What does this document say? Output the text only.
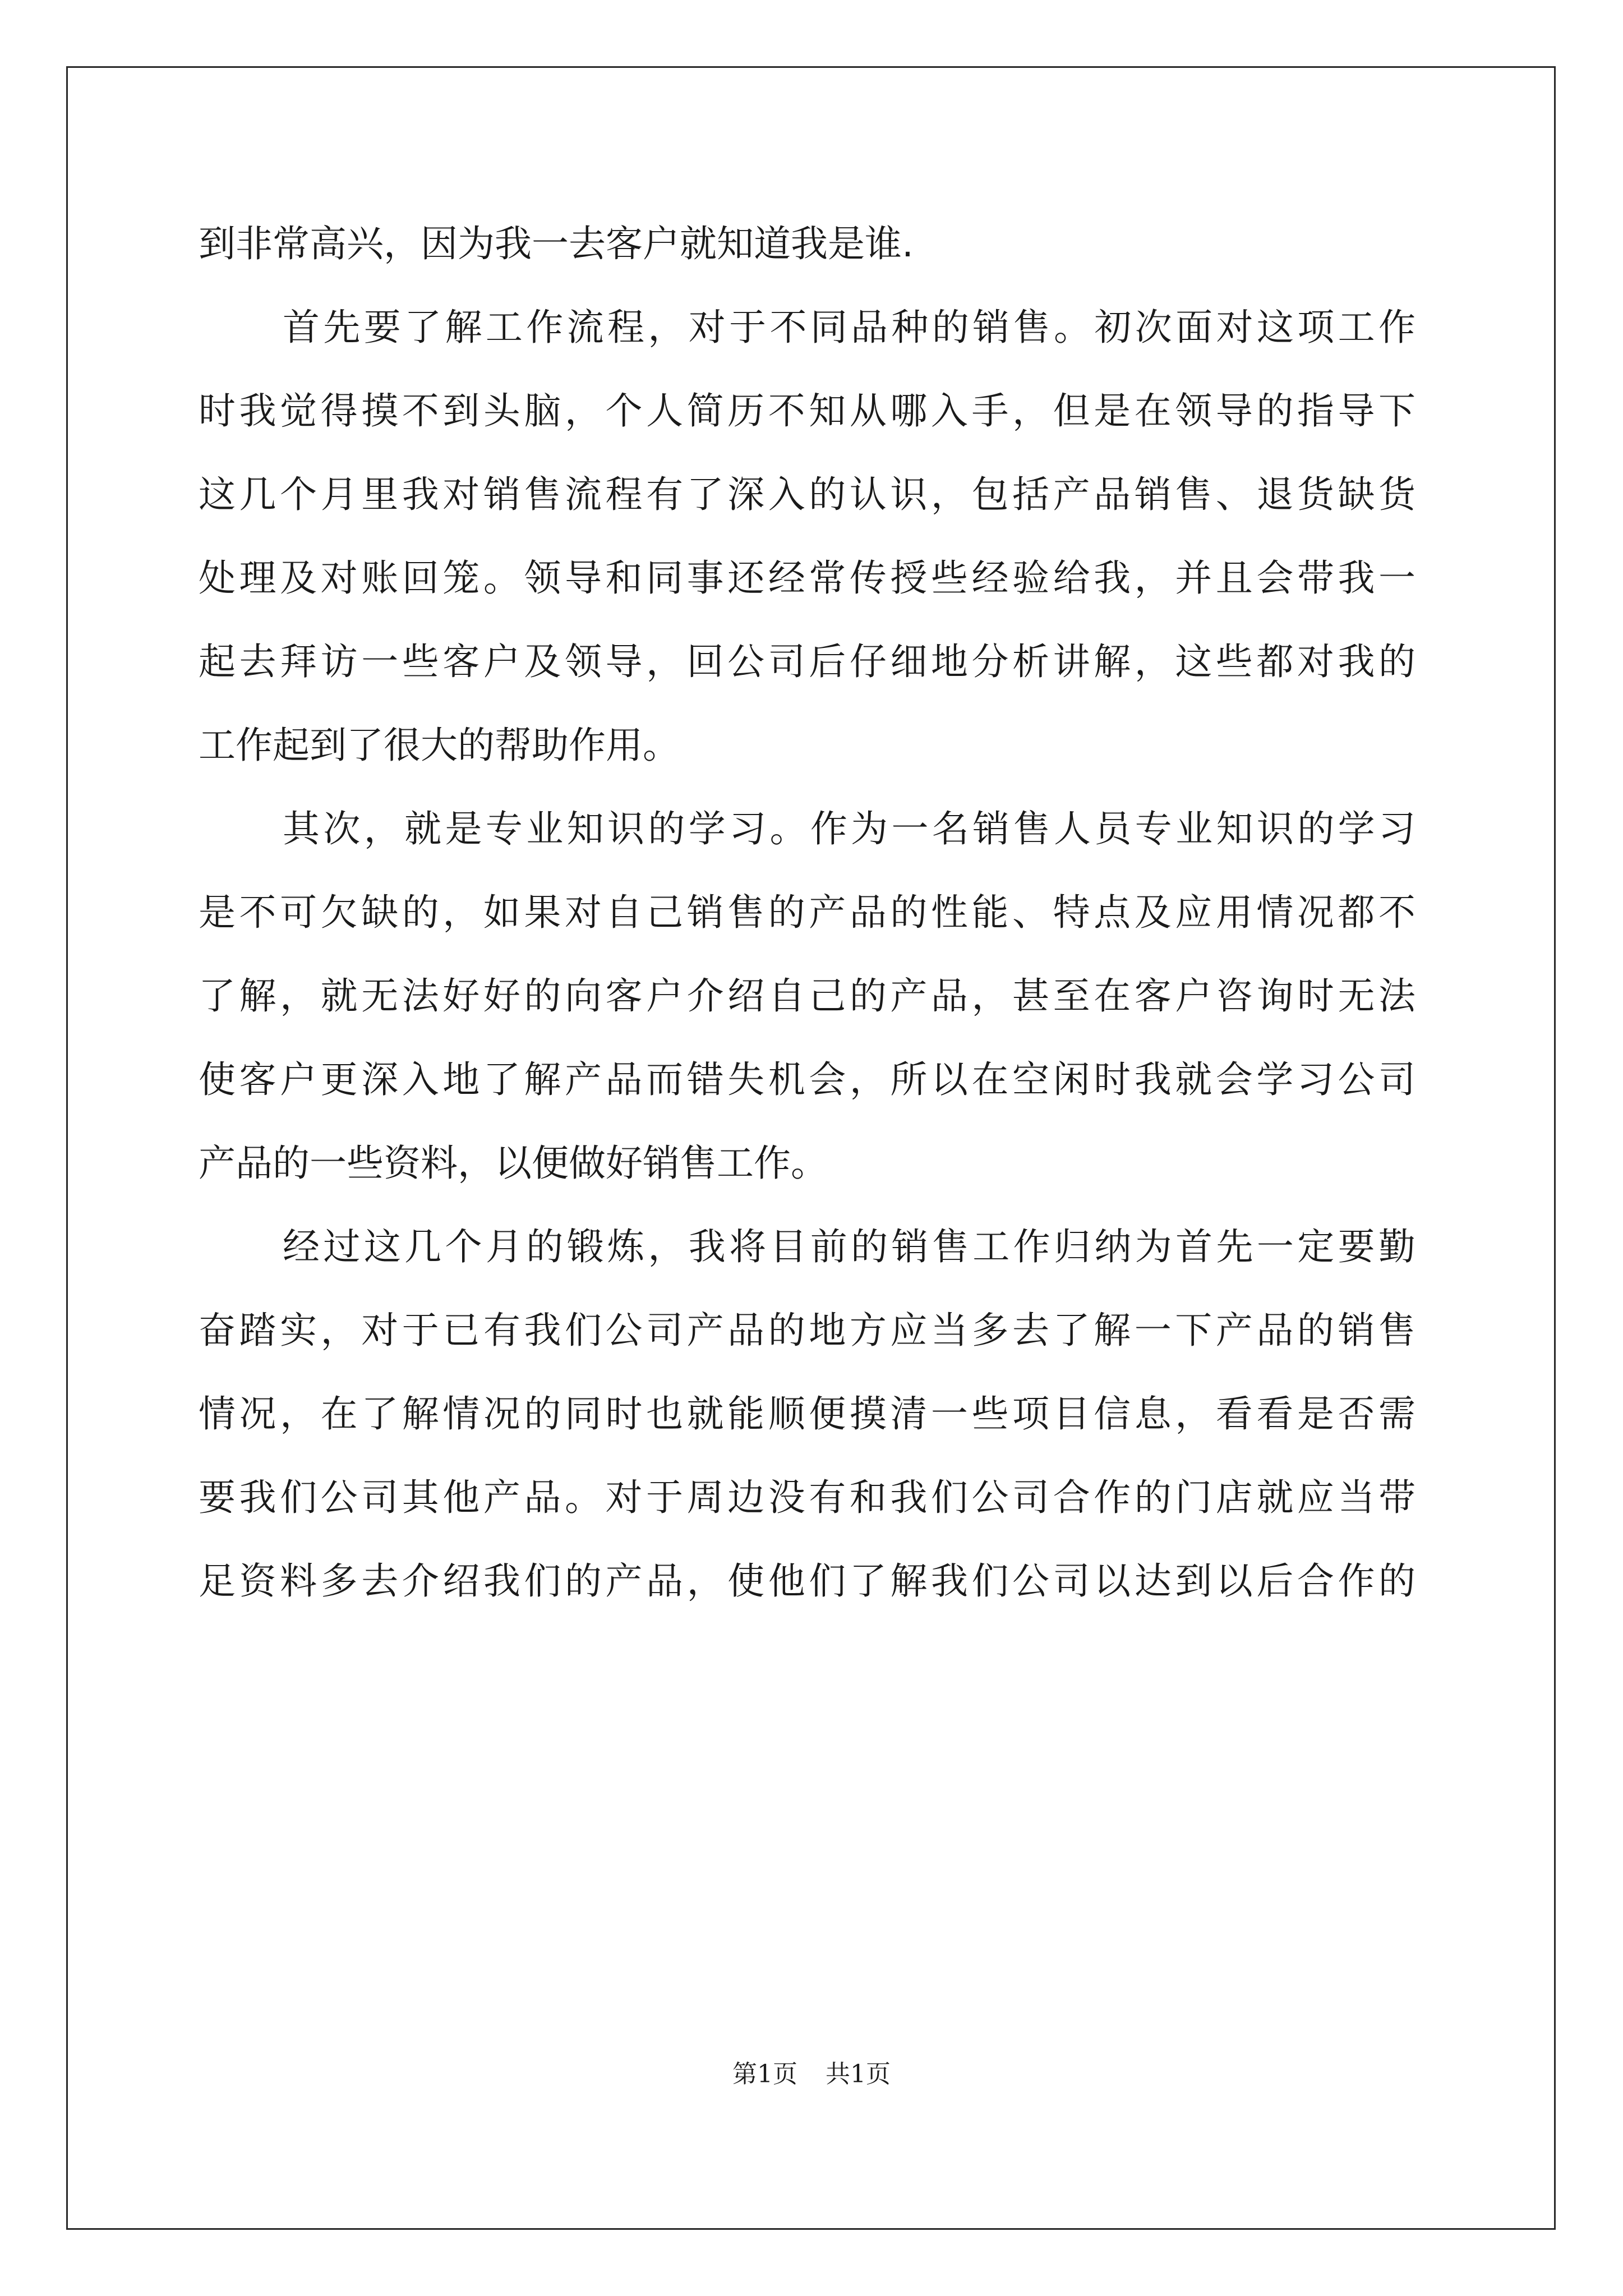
到非常高兴，因为我一去客户就知道我是谁.
首先要了解工作流程，对于不同品种的销售。初次面对这项工作
时我觉得摸不到头脑，个人简历不知从哪入手，但是在领导的指导下
这几个月里我对销售流程有了深入的认识，包括产品销售、退货缺货
处理及对账回笼。领导和同事还经常传授些经验给我，并且会带我一
起去拜访一些客户及领导，回公司后仔细地分析讲解，这些都对我的
工作起到了很大的帮助作用。
其次，就是专业知识的学习。作为一名销售人员专业知识的学习
是不可欠缺的，如果对自己销售的产品的性能、特点及应用情况都不
了解，就无法好好的向客户介绍自己的产品，甚至在客户咨询时无法
使客户更深入地了解产品而错失机会，所以在空闲时我就会学习公司
产品的一些资料，以便做好销售工作。
经过这几个月的锻炼，我将目前的销售工作归纳为首先一定要勤
奋踏实，对于已有我们公司产品的地方应当多去了解一下产品的销售
情况，在了解情况的同时也就能顺便摸清一些项目信息，看看是否需
要我们公司其他产品。对于周边没有和我们公司合作的门店就应当带
足资料多去介绍我们的产品，使他们了解我们公司以达到以后合作的
第1页 共1页
